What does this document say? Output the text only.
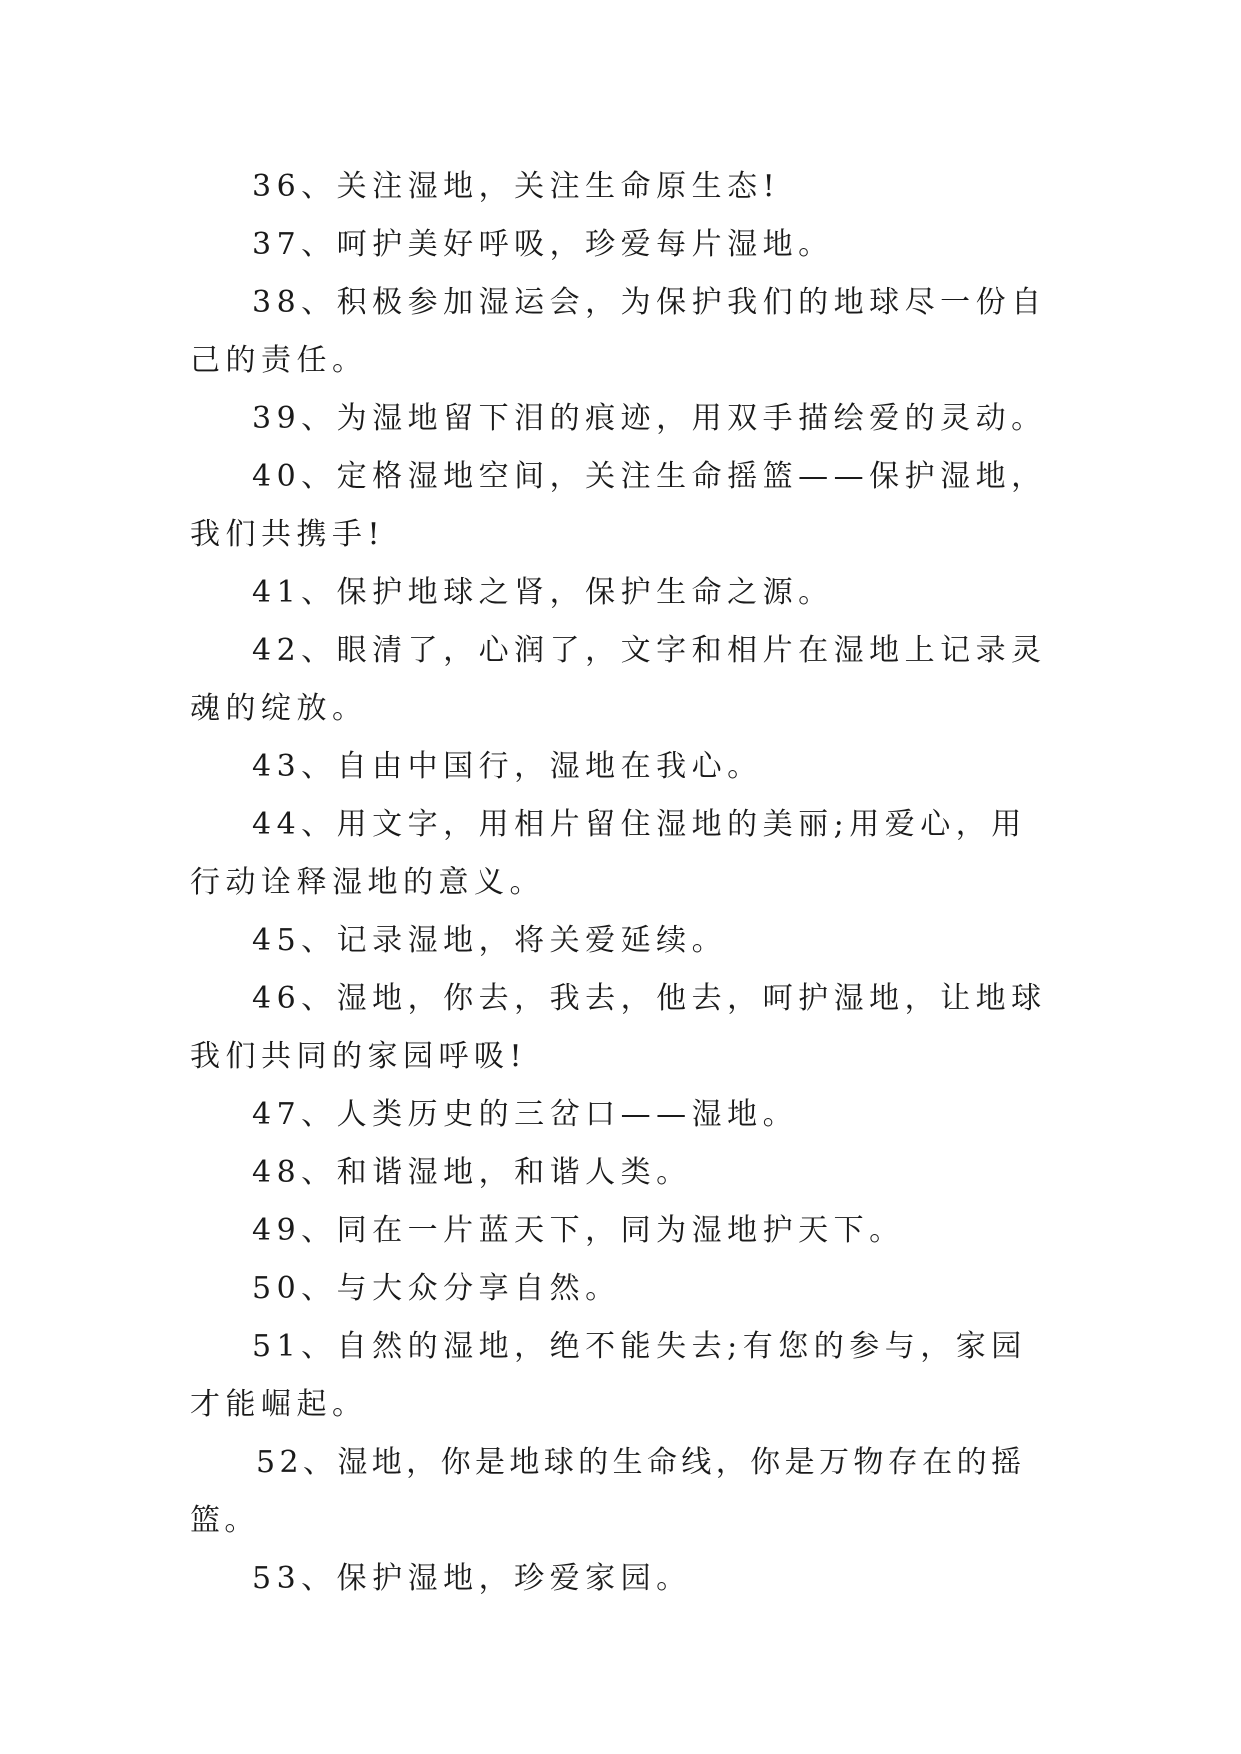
36、关注湿地，关注生命原生态!

37、呵护美好呼吸，珍爱每片湿地。

38、积极参加湿运会，为保护我们的地球尽一份自己的责任。

39、为湿地留下泪的痕迹，用双手描绘爱的灵动。

40、定格湿地空间，关注生命摇篮——保护湿地，我们共携手!

41、保护地球之肾，保护生命之源。

42、眼清了，心润了，文字和相片在湿地上记录灵魂的绽放。

43、自由中国行，湿地在我心。

44、用文字，用相片留住湿地的美丽;用爱心，用行动诠释湿地的意义。

45、记录湿地，将关爱延续。

46、湿地，你去，我去，他去，呵护湿地，让地球我们共同的家园呼吸!

47、人类历史的三岔口——湿地。

48、和谐湿地，和谐人类。

49、同在一片蓝天下，同为湿地护天下。

50、与大众分享自然。

51、自然的湿地，绝不能失去;有您的参与，家园才能崛起。

52、湿地，你是地球的生命线，你是万物存在的摇篮。

53、保护湿地，珍爱家园。
